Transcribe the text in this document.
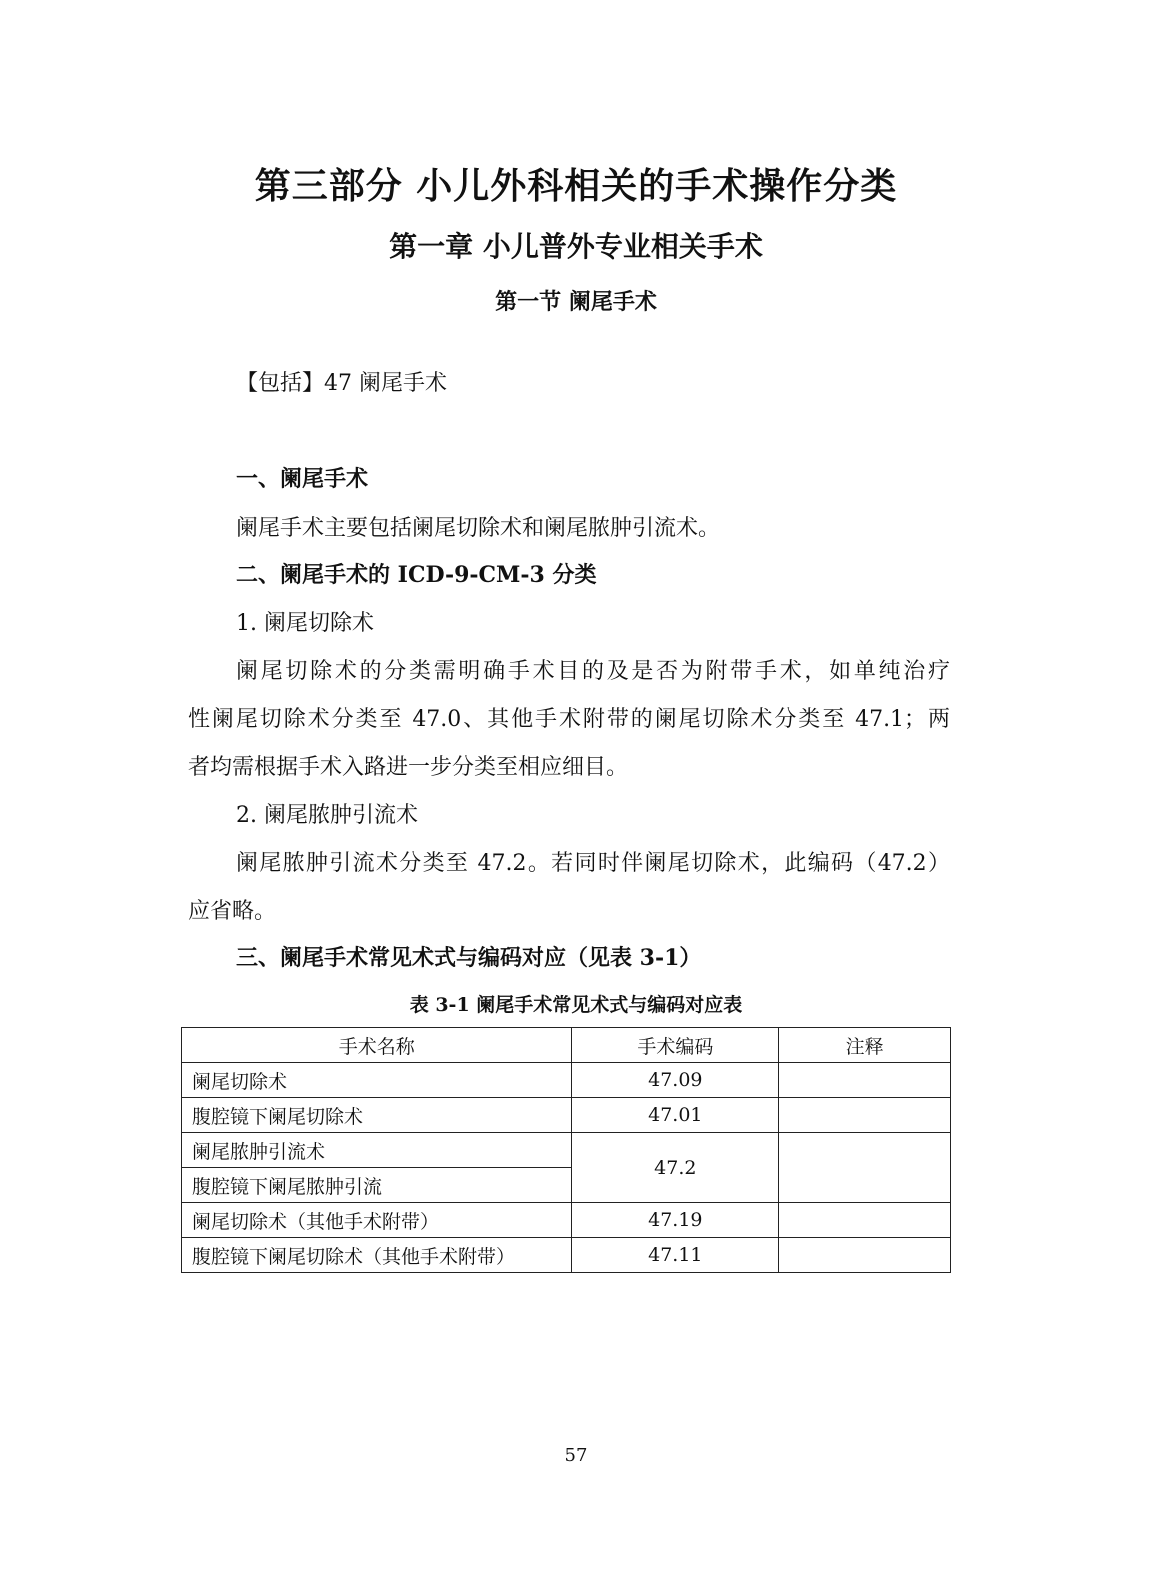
第三部分 小儿外科相关的手术操作分类
第一章 小儿普外专业相关手术
第一节 阑尾手术
【包括】47 阑尾手术
一、阑尾手术
阑尾手术主要包括阑尾切除术和阑尾脓肿引流术。
二、阑尾手术的 ICD-9-CM-3 分类
1. 阑尾切除术
阑尾切除术的分类需明确手术目的及是否为附带手术，如单纯治疗
性阑尾切除术分类至 47.0、其他手术附带的阑尾切除术分类至 47.1；两
者均需根据手术入路进一步分类至相应细目。
2. 阑尾脓肿引流术
阑尾脓肿引流术分类至 47.2。若同时伴阑尾切除术，此编码（47.2）
应省略。
三、阑尾手术常见术式与编码对应（见表 3-1）
表 3-1 阑尾手术常见术式与编码对应表
手术名称	手术编码	注释
阑尾切除术	47.09	
腹腔镜下阑尾切除术	47.01	
阑尾脓肿引流术	47.2	
腹腔镜下阑尾脓肿引流		
阑尾切除术（其他手术附带）	47.19	
腹腔镜下阑尾切除术（其他手术附带）	47.11	
57
